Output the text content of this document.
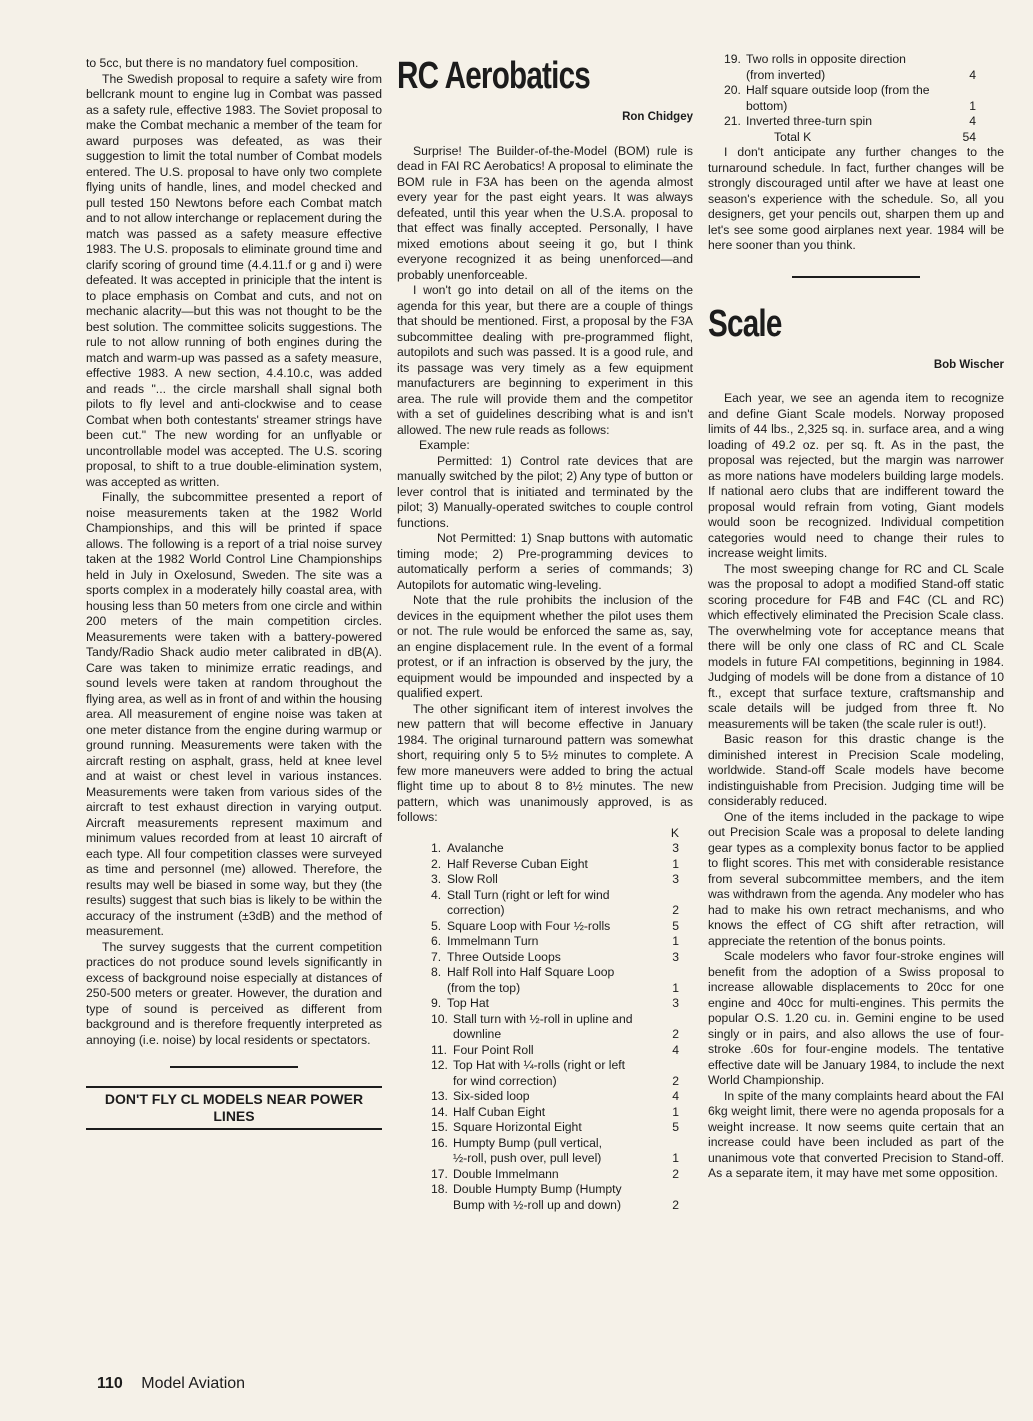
to 5cc, but there is no mandatory fuel composition.

The Swedish proposal to require a safety wire from bellcrank mount to engine lug in Combat was passed as a safety rule, effective 1983. The Soviet proposal to make the Combat mechanic a member of the team for award purposes was defeated, as was their suggestion to limit the total number of Combat models entered. The U.S. proposal to have only two complete flying units of handle, lines, and model checked and pull tested 150 Newtons before each Combat match and to not allow interchange or replacement during the match was passed as a safety measure effective 1983. The U.S. proposals to eliminate ground time and clarify scoring of ground time (4.4.11.f or g and i) were defeated. It was accepted in priniciple that the intent is to place emphasis on Combat and cuts, and not on mechanic alacrity—but this was not thought to be the best solution. The committee solicits suggestions. The rule to not allow running of both engines during the match and warm-up was passed as a safety measure, effective 1983. A new section, 4.4.10.c, was added and reads "... the circle marshall shall signal both pilots to fly level and anti-clockwise and to cease Combat when both contestants' streamer strings have been cut." The new wording for an unflyable or uncontrollable model was accepted. The U.S. scoring proposal, to shift to a true double-elimination system, was accepted as written.

Finally, the subcommittee presented a report of noise measurements taken at the 1982 World Championships, and this will be printed if space allows. The following is a report of a trial noise survey taken at the 1982 World Control Line Championships held in July in Oxelosund, Sweden. The site was a sports complex in a moderately hilly coastal area, with housing less than 50 meters from one circle and within 200 meters of the main competition circles. Measurements were taken with a battery-powered Tandy/Radio Shack audio meter calibrated in dB(A). Care was taken to minimize erratic readings, and sound levels were taken at random throughout the flying area, as well as in front of and within the housing area. All measurement of engine noise was taken at one meter distance from the engine during warmup or ground running. Measurements were taken with the aircraft resting on asphalt, grass, held at knee level and at waist or chest level in various instances. Measurements were taken from various sides of the aircraft to test exhaust direction in varying output. Aircraft measurements represent maximum and minimum values recorded from at least 10 aircraft of each type. All four competition classes were surveyed as time and personnel (me) allowed. Therefore, the results may well be biased in some way, but they (the results) suggest that such bias is likely to be within the accuracy of the instrument (±3dB) and the method of measurement.

The survey suggests that the current competition practices do not produce sound levels significantly in excess of background noise especially at distances of 250-500 meters or greater. However, the duration and type of sound is perceived as different from background and is therefore frequently interpreted as annoying (i.e. noise) by local residents or spectators.

DON'T FLY CL MODELS NEAR POWER LINES
RC Aerobatics
Ron Chidgey

Surprise! The Builder-of-the-Model (BOM) rule is dead in FAI RC Aerobatics! A proposal to eliminate the BOM rule in F3A has been on the agenda almost every year for the past eight years. It was always defeated, until this year when the U.S.A. proposal to that effect was finally accepted. Personally, I have mixed emotions about seeing it go, but I think everyone recognized it as being unenforced—and probably unenforceable.

I won't go into detail on all of the items on the agenda for this year, but there are a couple of things that should be mentioned. First, a proposal by the F3A subcommittee dealing with pre-programmed flight, autopilots and such was passed. It is a good rule, and its passage was very timely as a few equipment manufacturers are beginning to experiment in this area. The rule will provide them and the competitor with a set of guidelines describing what is and isn't allowed. The new rule reads as follows:

Example:

Permitted: 1) Control rate devices that are manually switched by the pilot; 2) Any type of button or lever control that is initiated and terminated by the pilot; 3) Manually-operated switches to couple control functions.

Not Permitted: 1) Snap buttons with automatic timing mode; 2) Pre-programming devices to automatically perform a series of commands; 3) Autopilots for automatic wing-leveling.

Note that the rule prohibits the inclusion of the devices in the equipment whether the pilot uses them or not. The rule would be enforced the same as, say, an engine displacement rule. In the event of a formal protest, or if an infraction is observed by the jury, the equipment would be impounded and inspected by a qualified expert.

The other significant item of interest involves the new pattern that will become effective in January 1984. The original turnaround pattern was somewhat short, requiring only 5 to 5½ minutes to complete. A few more maneuvers were added to bring the actual flight time up to about 8 to 8½ minutes. The new pattern, which was unanimously approved, is as follows:

K
1. Avalanche	3
2. Half Reverse Cuban Eight	1
3. Slow Roll	3
4. Stall Turn (right or left for wind
correction)	2
5. Square Loop with Four ½-rolls	5
6. Immelmann Turn	1
7. Three Outside Loops	3
8. Half Roll into Half Square Loop
(from the top)	1
9. Top Hat	3
10. Stall turn with ½-roll in upline and
downline	2
11. Four Point Roll	4
12. Top Hat with ¼-rolls (right or left
for wind correction)	2
13. Six-sided loop	4
14. Half Cuban Eight	1
15. Square Horizontal Eight	5
16. Humpty Bump (pull vertical,
½-roll, push over, pull level)	1
17. Double Immelmann	2
18. Double Humpty Bump (Humpty
Bump with ½-roll up and down)	2
19. Two rolls in opposite direction
(from inverted)	4
20. Half square outside loop (from the
bottom)	1
21. Inverted three-turn spin	4
Total K	54

I don't anticipate any further changes to the turnaround schedule. In fact, further changes will be strongly discouraged until after we have at least one season's experience with the schedule. So, all you designers, get your pencils out, sharpen them up and let's see some good airplanes next year. 1984 will be here sooner than you think.

Scale
Bob Wischer

Each year, we see an agenda item to recognize and define Giant Scale models. Norway proposed limits of 44 lbs., 2,325 sq. in. surface area, and a wing loading of 49.2 oz. per sq. ft. As in the past, the proposal was rejected, but the margin was narrower as more nations have modelers building large models. If national aero clubs that are indifferent toward the proposal would refrain from voting, Giant models would soon be recognized. Individual competition categories would need to change their rules to increase weight limits.

The most sweeping change for RC and CL Scale was the proposal to adopt a modified Stand-off static scoring procedure for F4B and F4C (CL and RC) which effectively eliminated the Precision Scale class. The overwhelming vote for acceptance means that there will be only one class of RC and CL Scale models in future FAI competitions, beginning in 1984. Judging of models will be done from a distance of 10 ft., except that surface texture, craftsmanship and scale details will be judged from three ft. No measurements will be taken (the scale ruler is out!).

Basic reason for this drastic change is the diminished interest in Precision Scale modeling, worldwide. Stand-off Scale models have become indistinguishable from Precision. Judging time will be considerably reduced.

One of the items included in the package to wipe out Precision Scale was a proposal to delete landing gear types as a complexity bonus factor to be applied to flight scores. This met with considerable resistance from several subcommittee members, and the item was withdrawn from the agenda. Any modeler who has had to make his own retract mechanisms, and who knows the effect of CG shift after retraction, will appreciate the retention of the bonus points.

Scale modelers who favor four-stroke engines will benefit from the adoption of a Swiss proposal to increase allowable displacements to 20cc for one engine and 40cc for multi-engines. This permits the popular O.S. 1.20 cu. in. Gemini engine to be used singly or in pairs, and also allows the use of four-stroke .60s for four-engine models. The tentative effective date will be January 1984, to include the next World Championship.

In spite of the many complaints heard about the FAI 6kg weight limit, there were no agenda proposals for a weight increase. It now seems quite certain that an increase could have been included as part of the unanimous vote that converted Precision to Stand-off. As a separate item, it may have met some opposition.

110 Model Aviation
